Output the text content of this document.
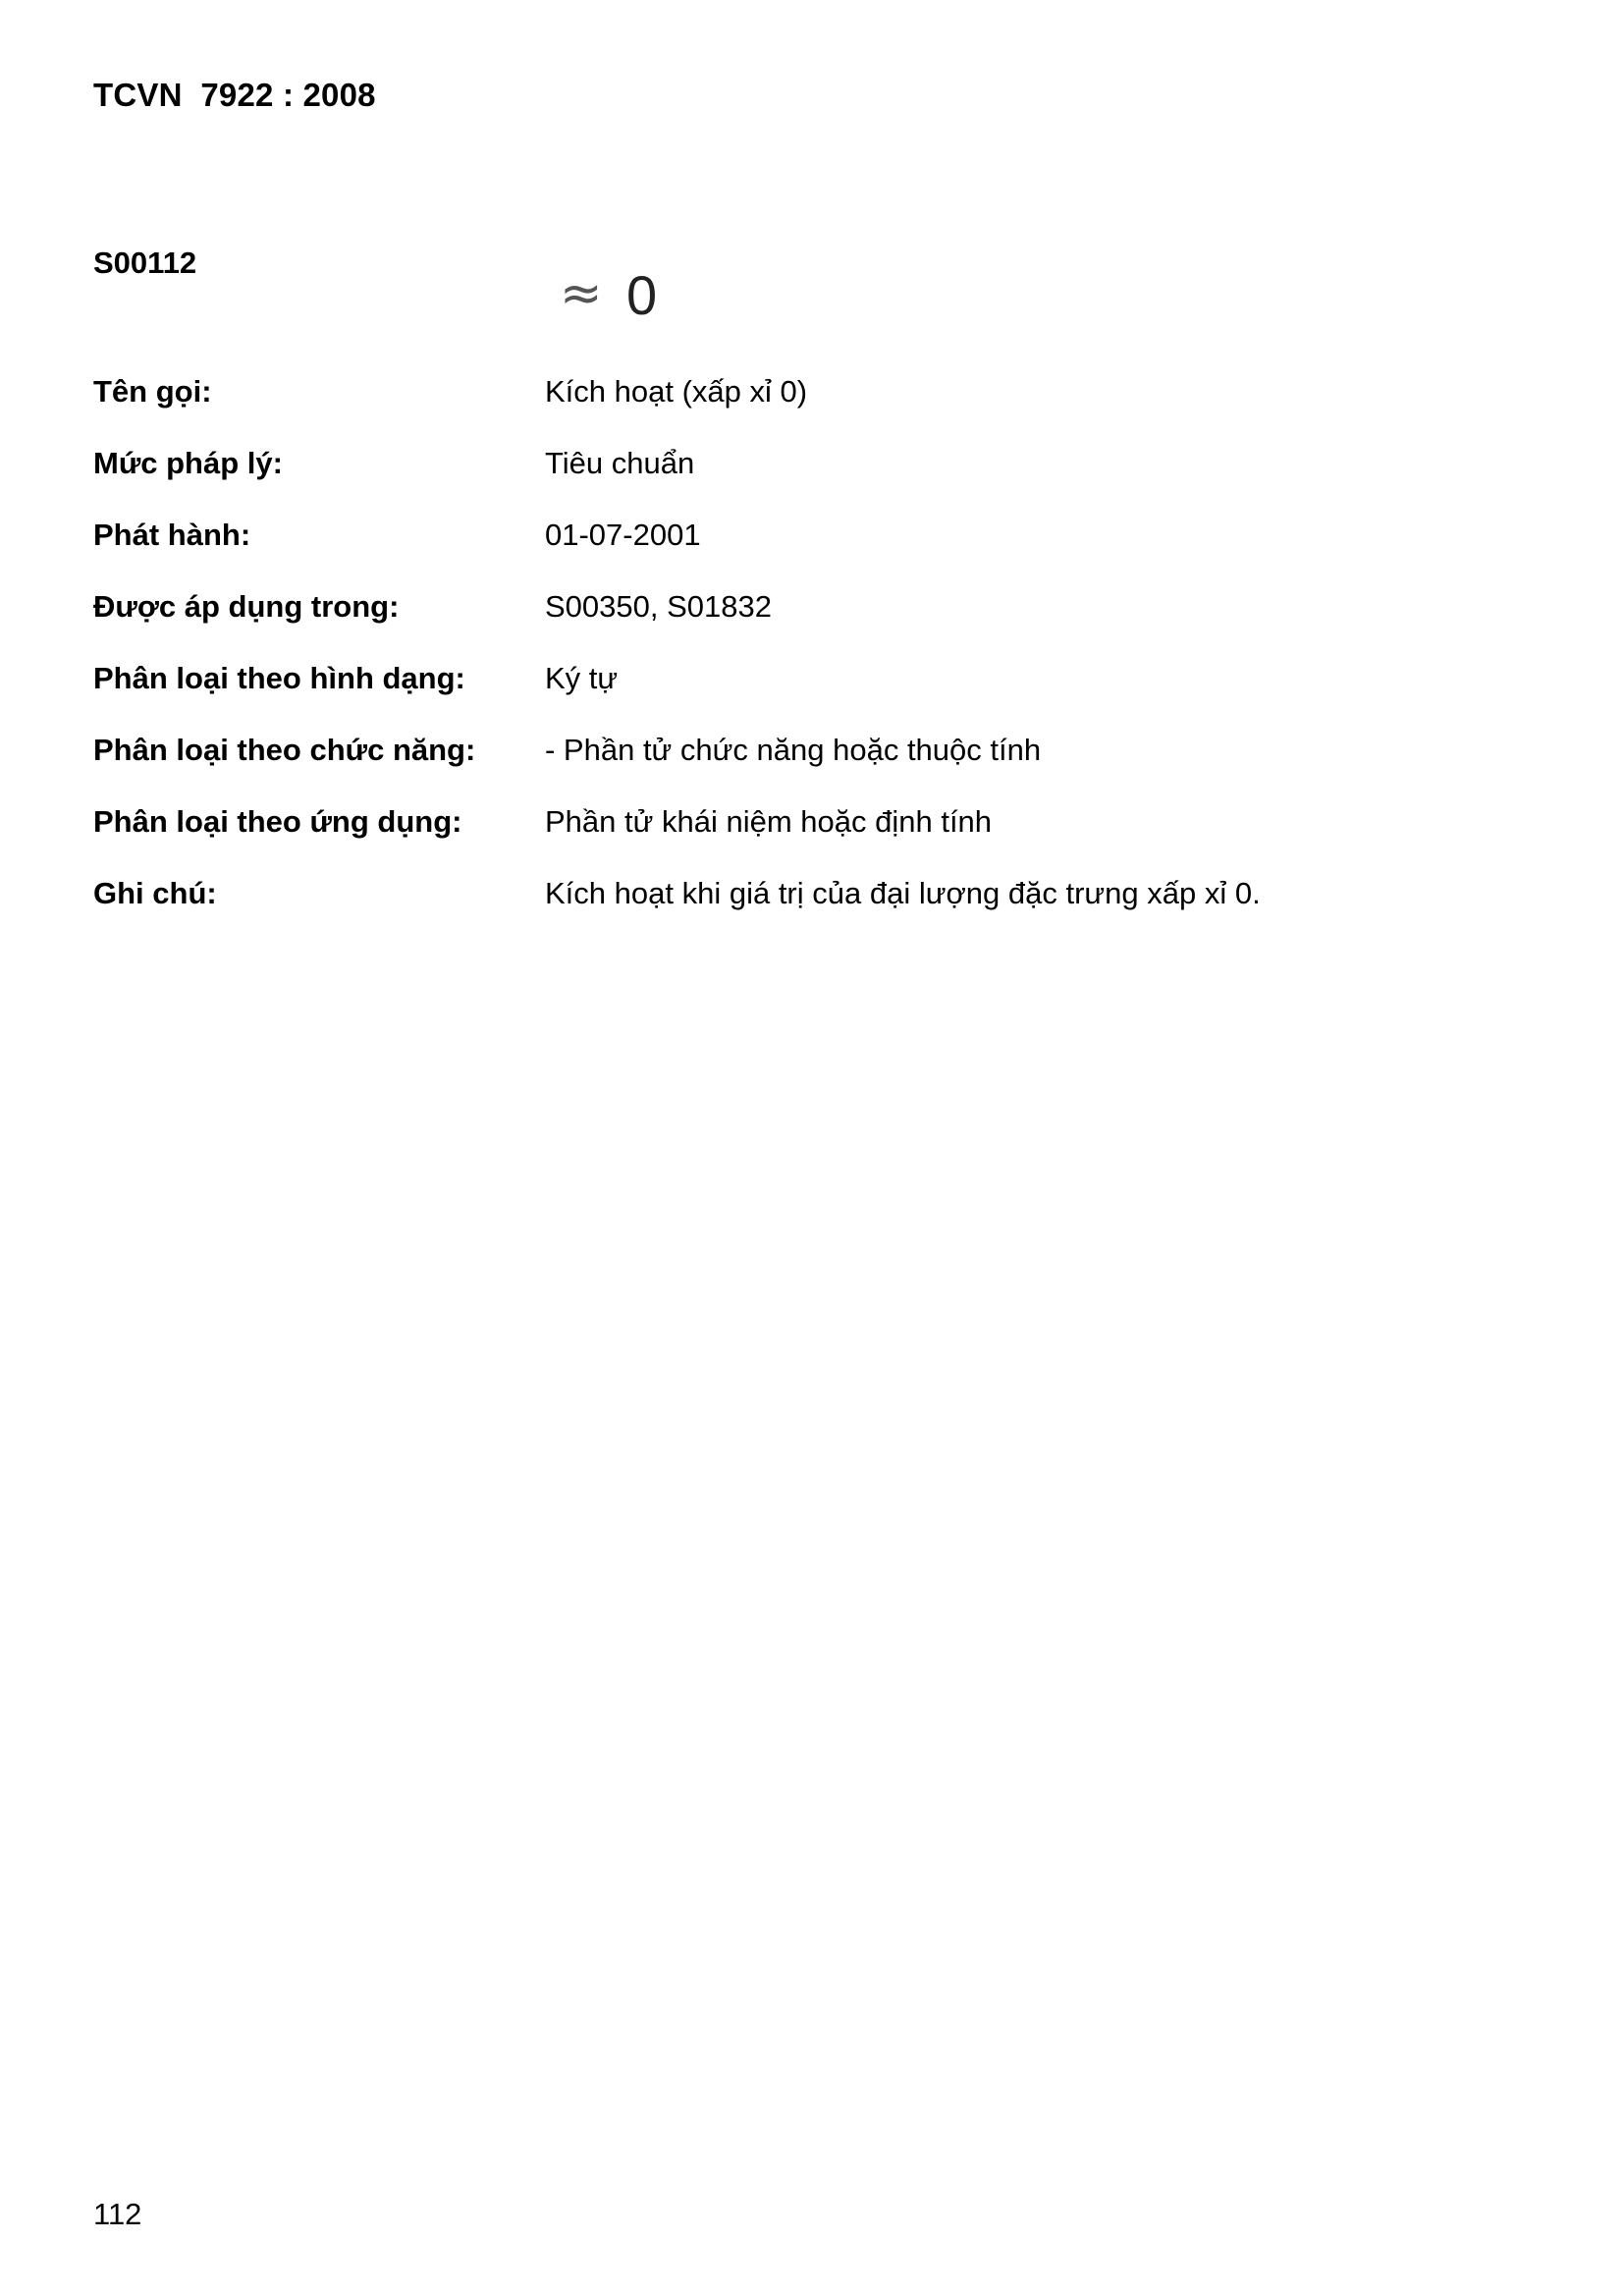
TCVN  7922 : 2008
S00112
≈ 0
Tên gọi:	Kích hoạt (xấp xỉ 0)
Mức pháp lý:	Tiêu chuẩn
Phát hành:	01-07-2001
Được áp dụng trong:	S00350, S01832
Phân loại theo hình dạng:	Ký tự
Phân loại theo chức năng: - Phần tử chức năng hoặc thuộc tính
Phân loại theo ứng dụng:	Phần tử khái niệm hoặc định tính
Ghi chú:	Kích hoạt khi giá trị của đại lượng đặc trưng xấp xỉ 0.
112
